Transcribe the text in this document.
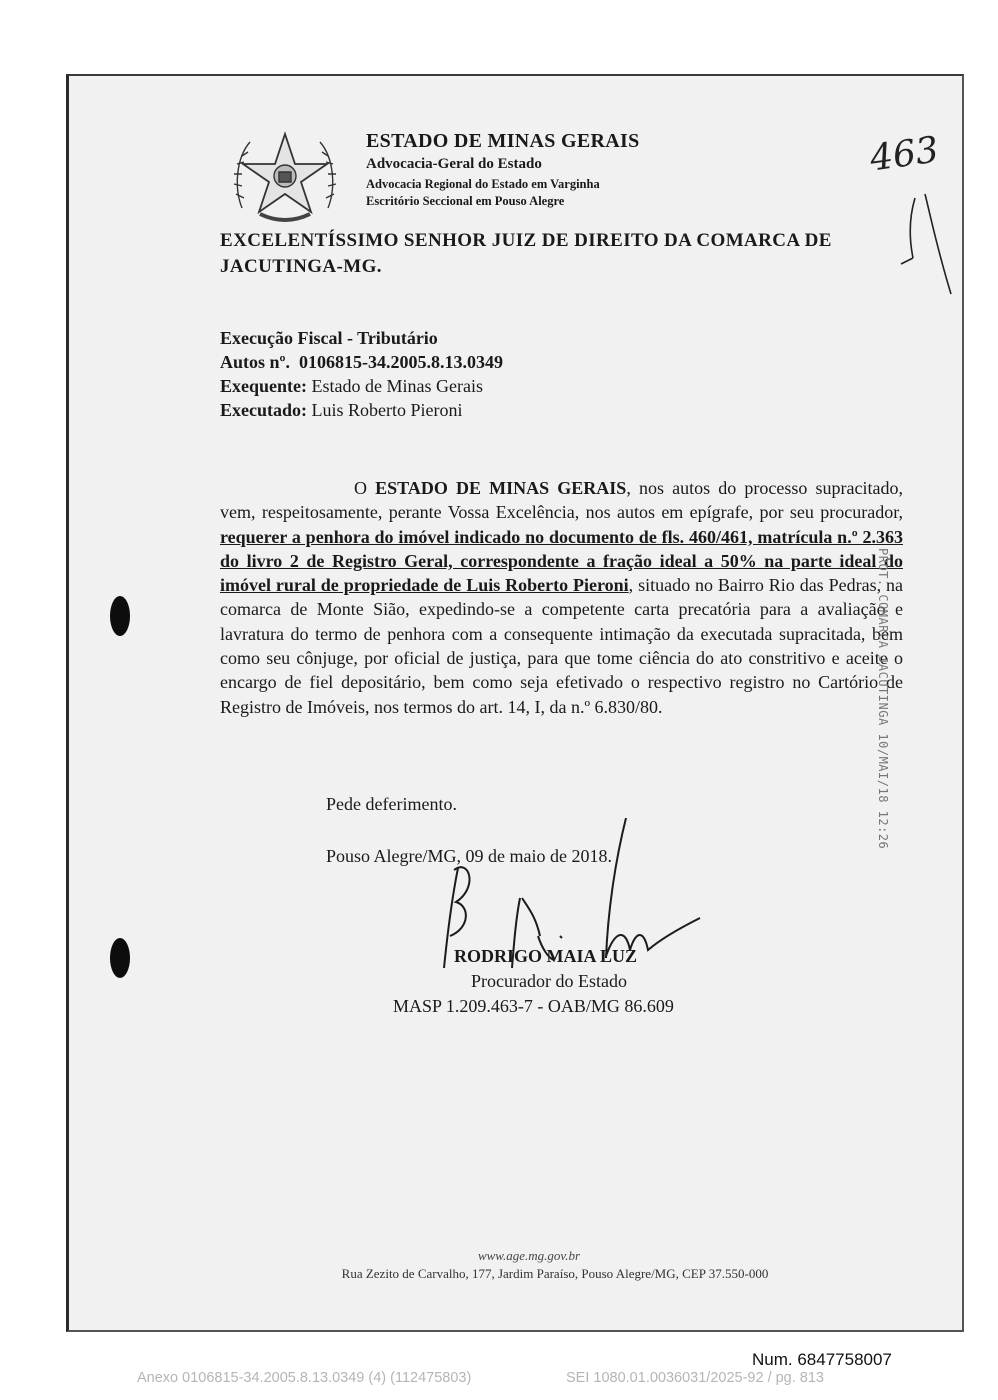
ESTADO DE MINAS GERAIS
Advocacia-Geral do Estado
Advocacia Regional do Estado em Varginha
Escritório Seccional em Pouso Alegre
463
EXCELENTÍSSIMO SENHOR JUIZ DE DIREITO DA COMARCA DE JACUTINGA-MG.
Execução Fiscal - Tributário
Autos nº. 0106815-34.2005.8.13.0349
Exequente: Estado de Minas Gerais
Executado: Luis Roberto Pieroni
O ESTADO DE MINAS GERAIS, nos autos do processo supracitado, vem, respeitosamente, perante Vossa Excelência, nos autos em epígrafe, por seu procurador, requerer a penhora do imóvel indicado no documento de fls. 460/461, matrícula n.º 2.363 do livro 2 de Registro Geral, correspondente a fração ideal a 50% na parte ideal do imóvel rural de propriedade de Luis Roberto Pieroni, situado no Bairro Rio das Pedras, na comarca de Monte Sião, expedindo-se a competente carta precatória para a avaliação e lavratura do termo de penhora com a consequente intimação da executada supracitada, bem como seu cônjuge, por oficial de justiça, para que tome ciência do ato constritivo e aceite o encargo de fiel depositário, bem como seja efetivado o respectivo registro no Cartório de Registro de Imóveis, nos termos do art. 14, I, da n.º 6.830/80.	PROT. COMARCA JACUTINGA 10/MAI/18 12:26
Pede deferimento.
Pouso Alegre/MG, 09 de maio de 2018.
RODRIGO MAIA LUZ
Procurador do Estado
MASP 1.209.463-7 - OAB/MG 86.609
www.age.mg.gov.br
Rua Zezito de Carvalho, 177, Jardim Paraíso, Pouso Alegre/MG, CEP 37.550-000
Num. 6847758007
Anexo 0106815-34.2005.8.13.0349 (4) (112475803)	SEI 1080.01.0036031/2025-92 / pg. 813
